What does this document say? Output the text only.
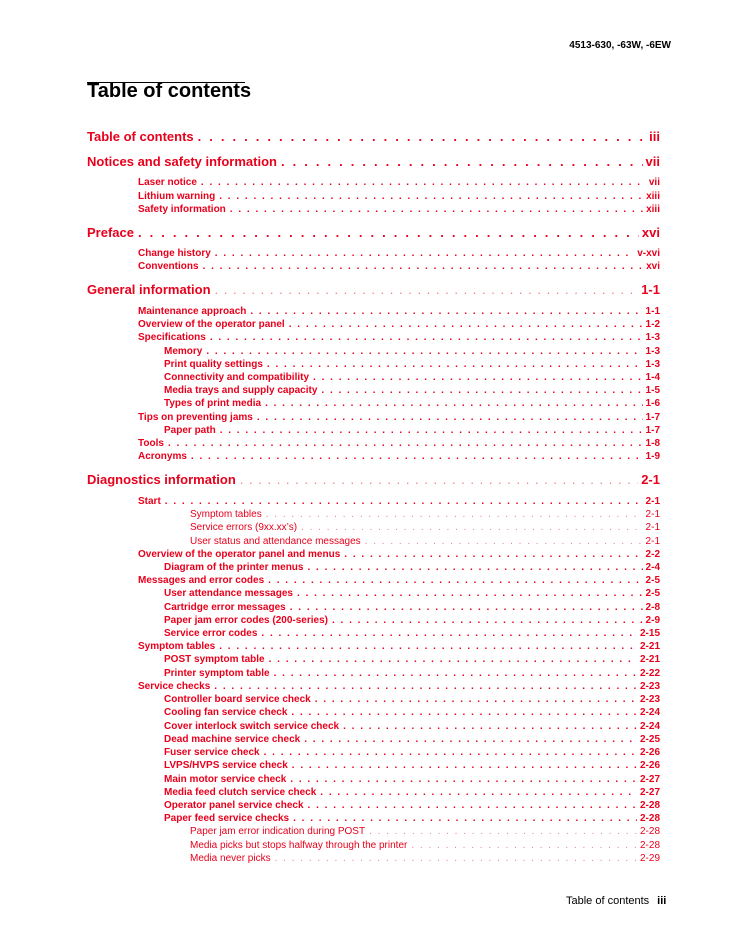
4513-630, -63W, -6EW
Table of contents
Table of contents . . .	iii
Notices and safety information . . .	vii
Laser notice . . .	vii
Lithium warning . . .	xiii
Safety information . . .	xiii
Preface . . .	xvi
Change history . . .	v-xvi
Conventions . . .	xvi
General information . . .	1-1
Maintenance approach . . .	1-1
Overview of the operator panel . . .	1-2
Specifications . . .	1-3
Memory . . .	1-3
Print quality settings . . .	1-3
Connectivity and compatibility . . .	1-4
Media trays and supply capacity . . .	1-5
Types of print media . . .	1-6
Tips on preventing jams . . .	1-7
Paper path . . .	1-7
Tools . . .	1-8
Acronyms . . .	1-9
Diagnostics information . . .	2-1
Start . . .	2-1
Symptom tables . . .	2-1
Service errors (9xx.xx’s) . . .	2-1
User status and attendance messages . . .	2-1
Overview of the operator panel and menus . . .	2-2
Diagram of the printer menus . . .	2-4
Messages and error codes . . .	2-5
User attendance messages . . .	2-5
Cartridge error messages . . .	2-8
Paper jam error codes (200-series) . . .	2-9
Service error codes . . .	2-15
Symptom tables . . .	2-21
POST symptom table . . .	2-21
Printer symptom table . . .	2-22
Service checks . . .	2-23
Controller board service check . . .	2-23
Cooling fan service check . . .	2-24
Cover interlock switch service check . . .	2-24
Dead machine service check . . .	2-25
Fuser service check . . .	2-26
LVPS/HVPS service check . . .	2-26
Main motor service check . . .	2-27
Media feed clutch service check . . .	2-27
Operator panel service check . . .	2-28
Paper feed service checks . . .	2-28
Paper jam error indication during POST . . .	2-28
Media picks but stops halfway through the printer . . .	2-28
Media never picks . . .	2-29
Table of contents iii
